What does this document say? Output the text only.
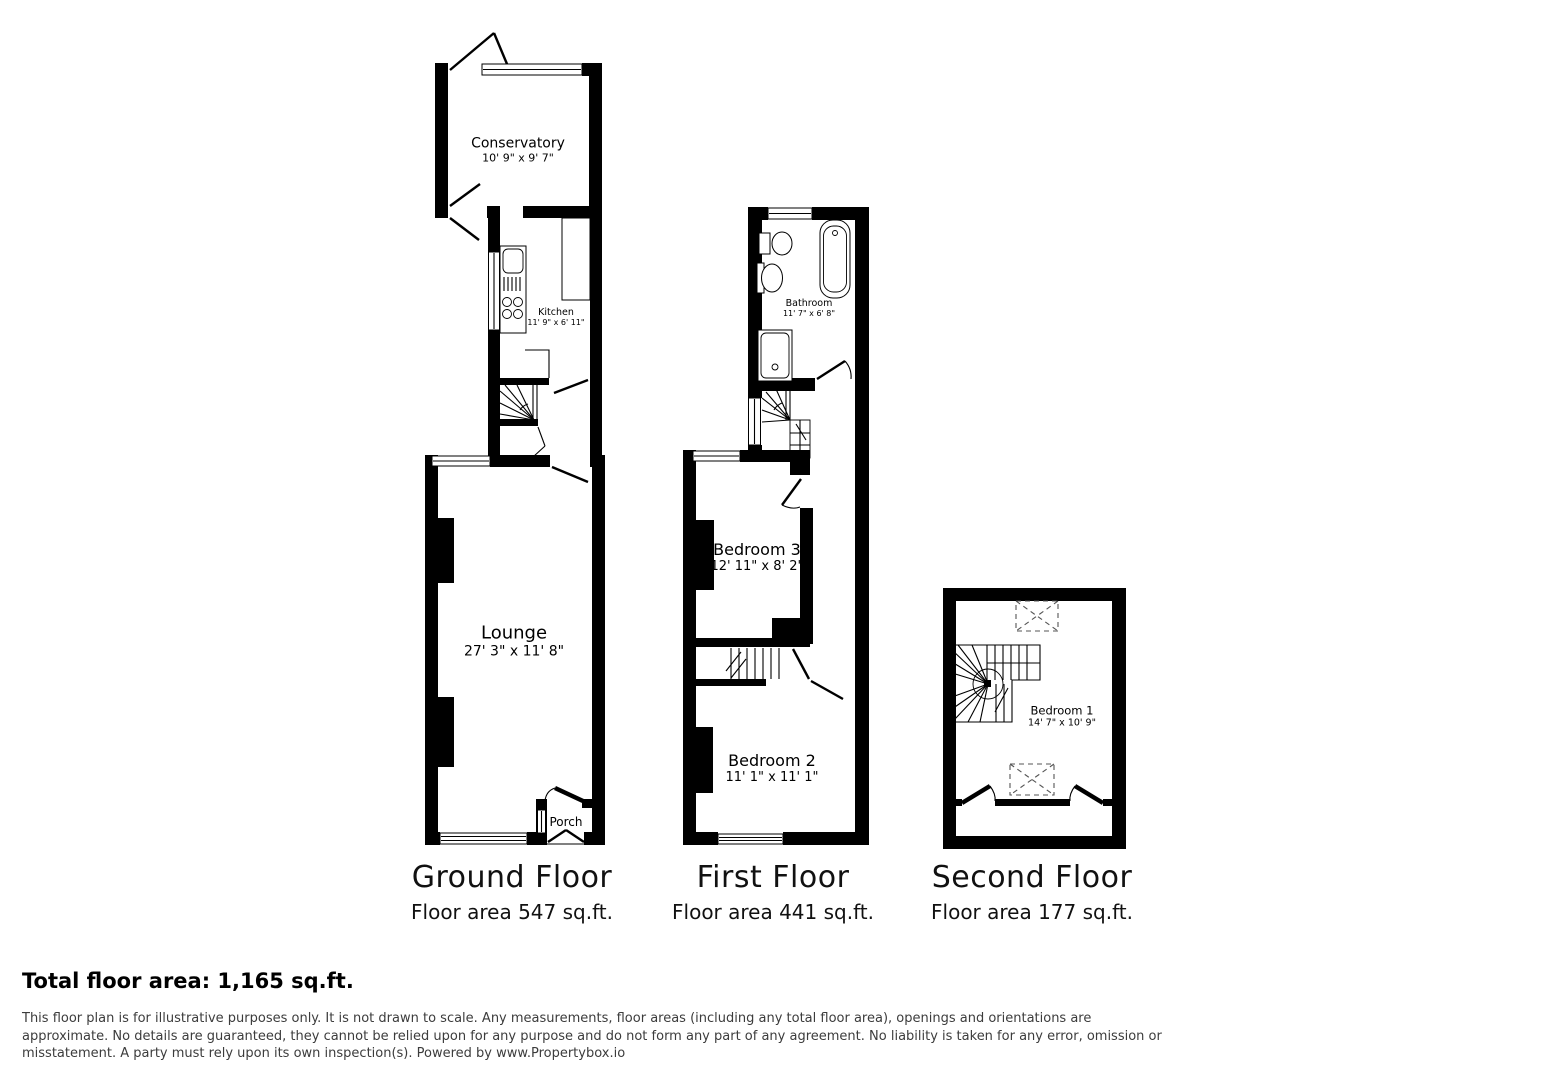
Conservatory
10' 9" x 9' 7"
Kitchen
11' 9" x 6' 11"
Lounge
27' 3" x 11' 8"
Porch
Bathroom
11' 7" x 6' 8"
Bedroom 3
12' 11" x 8' 2"
Bedroom 2
11' 1" x 11' 1"
Bedroom 1
14' 7" x 10' 9"
Ground Floor
Floor area 547 sq.ft.
First Floor
Floor area 441 sq.ft.
Second Floor
Floor area 177 sq.ft.
Total floor area: 1,165 sq.ft.
This floor plan is for illustrative purposes only. It is not drawn to scale. Any measurements, floor areas (including any total floor area), openings and orientations are
approximate. No details are guaranteed, they cannot be relied upon for any purpose and do not form any part of any agreement. No liability is taken for any error, omission or
misstatement. A party must rely upon its own inspection(s). Powered by www.Propertybox.io
